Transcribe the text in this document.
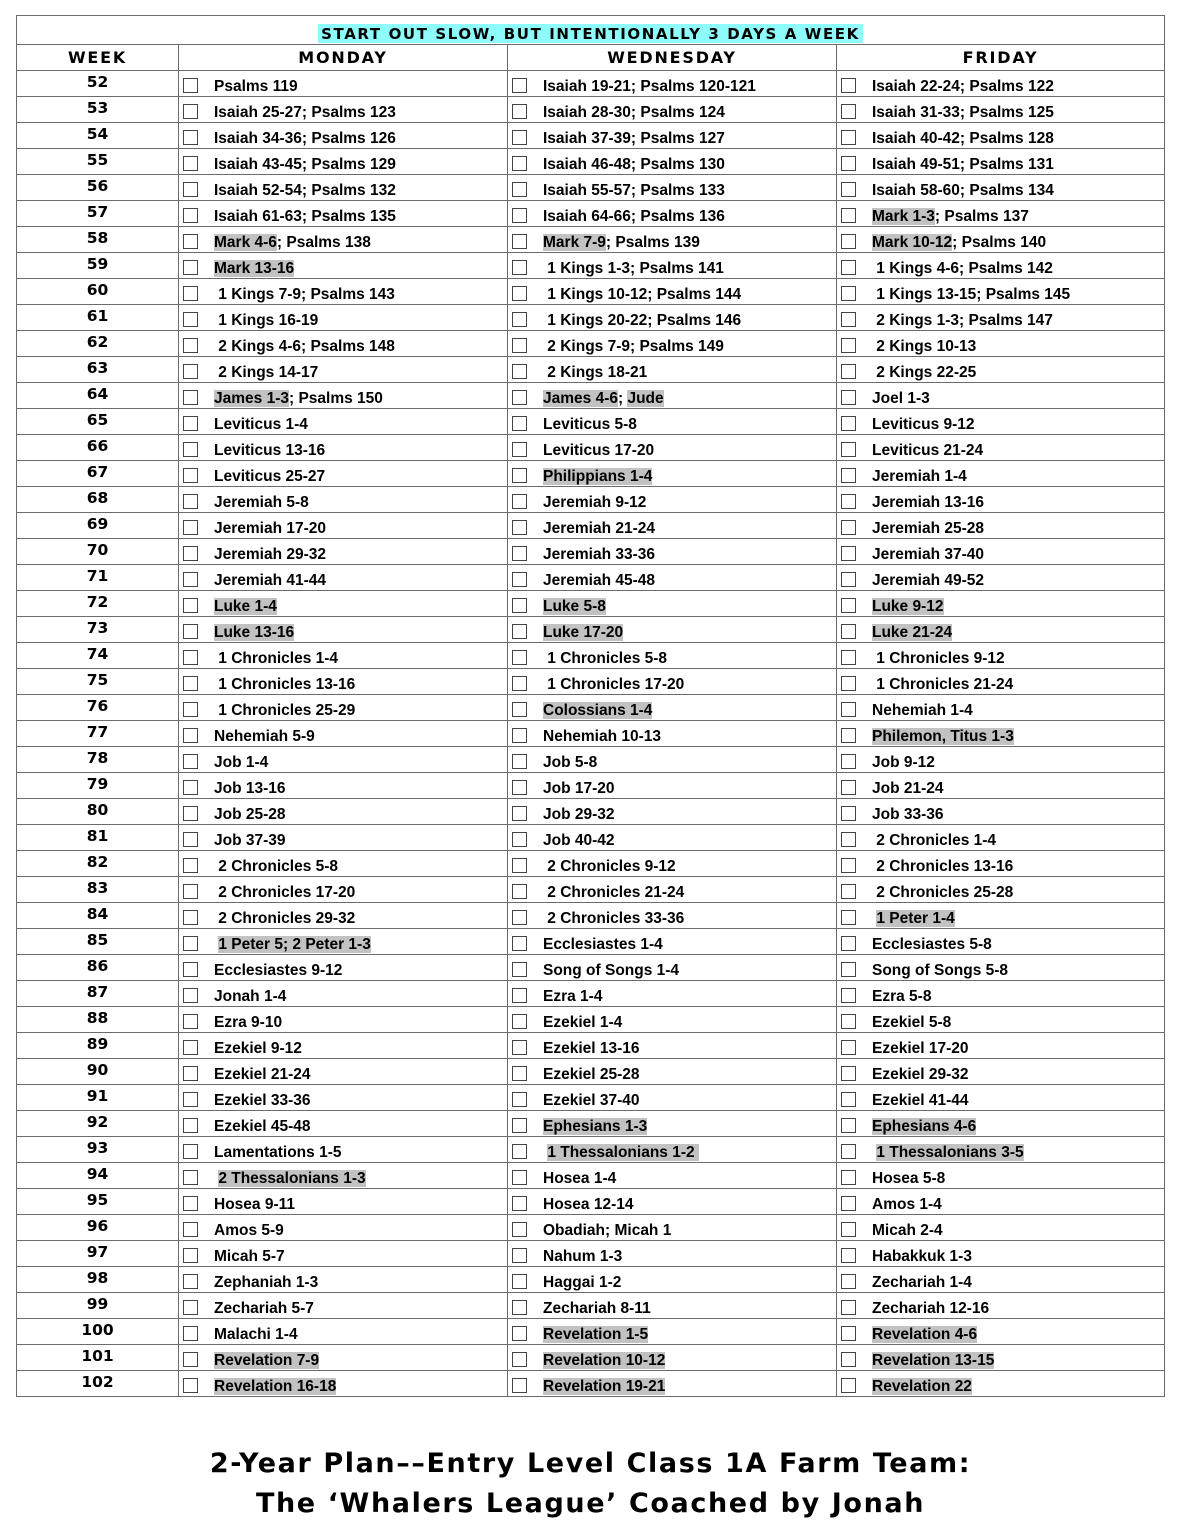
START OUT SLOW, BUT INTENTIONALLY 3 DAYS A WEEK			
WEEK	MONDAY	WEDNESDAY	FRIDAY
52	Psalms 119	Isaiah 19-21; Psalms 120-121	Isaiah 22-24; Psalms 122

53	Isaiah 25-27; Psalms 123	Isaiah 28-30; Psalms 124	Isaiah 31-33; Psalms 125

54	Isaiah 34-36; Psalms 126	Isaiah 37-39; Psalms 127	Isaiah 40-42; Psalms 128

55	Isaiah 43-45; Psalms 129	Isaiah 46-48; Psalms 130	Isaiah 49-51; Psalms 131

56	Isaiah 52-54; Psalms 132	Isaiah 55-57; Psalms 133	Isaiah 58-60; Psalms 134

57	Isaiah 61-63; Psalms 135	Isaiah 64-66; Psalms 136	Mark 1-3; Psalms 137

58	Mark 4-6; Psalms 138	Mark 7-9; Psalms 139	Mark 10-12; Psalms 140

59	Mark 13-16	1 Kings 1-3; Psalms 141	1 Kings 4-6; Psalms 142

60	1 Kings 7-9; Psalms 143	1 Kings 10-12; Psalms 144	1 Kings 13-15; Psalms 145

61	1 Kings 16-19	1 Kings 20-22; Psalms 146	2 Kings 1-3; Psalms 147

62	2 Kings 4-6; Psalms 148	2 Kings 7-9; Psalms 149	2 Kings 10-13

63	2 Kings 14-17	2 Kings 18-21	2 Kings 22-25

64	James 1-3; Psalms 150	James 4-6; Jude	Joel 1-3

65	Leviticus 1-4	Leviticus 5-8	Leviticus 9-12

66	Leviticus 13-16	Leviticus 17-20	Leviticus 21-24

67	Leviticus 25-27	Philippians 1-4	Jeremiah 1-4

68	Jeremiah 5-8	Jeremiah 9-12	Jeremiah 13-16

69	Jeremiah 17-20	Jeremiah 21-24	Jeremiah 25-28

70	Jeremiah 29-32	Jeremiah 33-36	Jeremiah 37-40

71	Jeremiah 41-44	Jeremiah 45-48	Jeremiah 49-52

72	Luke 1-4	Luke 5-8	Luke 9-12

73	Luke 13-16	Luke 17-20	Luke 21-24

74	1 Chronicles 1-4	1 Chronicles 5-8	1 Chronicles 9-12

75	1 Chronicles 13-16	1 Chronicles 17-20	1 Chronicles 21-24

76	1 Chronicles 25-29	Colossians 1-4	Nehemiah 1-4

77	Nehemiah 5-9	Nehemiah 10-13	Philemon, Titus 1-3

78	Job 1-4	Job 5-8	Job 9-12

79	Job 13-16	Job 17-20	Job 21-24

80	Job 25-28	Job 29-32	Job 33-36

81	Job 37-39	Job 40-42	2 Chronicles 1-4

82	2 Chronicles 5-8	2 Chronicles 9-12	2 Chronicles 13-16

83	2 Chronicles 17-20	2 Chronicles 21-24	2 Chronicles 25-28

84	2 Chronicles 29-32	2 Chronicles 33-36	1 Peter 1-4

85	1 Peter 5; 2 Peter 1-3	Ecclesiastes 1-4	Ecclesiastes 5-8

86	Ecclesiastes 9-12	Song of Songs 1-4	Song of Songs 5-8

87	Jonah 1-4	Ezra 1-4	Ezra 5-8

88	Ezra 9-10	Ezekiel 1-4	Ezekiel 5-8

89	Ezekiel 9-12	Ezekiel 13-16	Ezekiel 17-20

90	Ezekiel 21-24	Ezekiel 25-28	Ezekiel 29-32

91	Ezekiel 33-36	Ezekiel 37-40	Ezekiel 41-44

92	Ezekiel 45-48	Ephesians 1-3	Ephesians 4-6

93	Lamentations 1-5	1 Thessalonians 1-2	1 Thessalonians 3-5

94	2 Thessalonians 1-3	Hosea 1-4	Hosea 5-8

95	Hosea 9-11	Hosea 12-14	Amos 1-4

96	Amos 5-9	Obadiah; Micah 1	Micah 2-4

97	Micah 5-7	Nahum 1-3	Habakkuk 1-3

98	Zephaniah 1-3	Haggai 1-2	Zechariah 1-4

99	Zechariah 5-7	Zechariah 8-11	Zechariah 12-16

100	Malachi 1-4	Revelation 1-5	Revelation 4-6

101	Revelation 7-9	Revelation 10-12	Revelation 13-15

102	Revelation 16-18	Revelation 19-21	Revelation 22
2-Year Plan––Entry Level Class 1A Farm Team:
The ‘Whalers League’ Coached by Jonah
